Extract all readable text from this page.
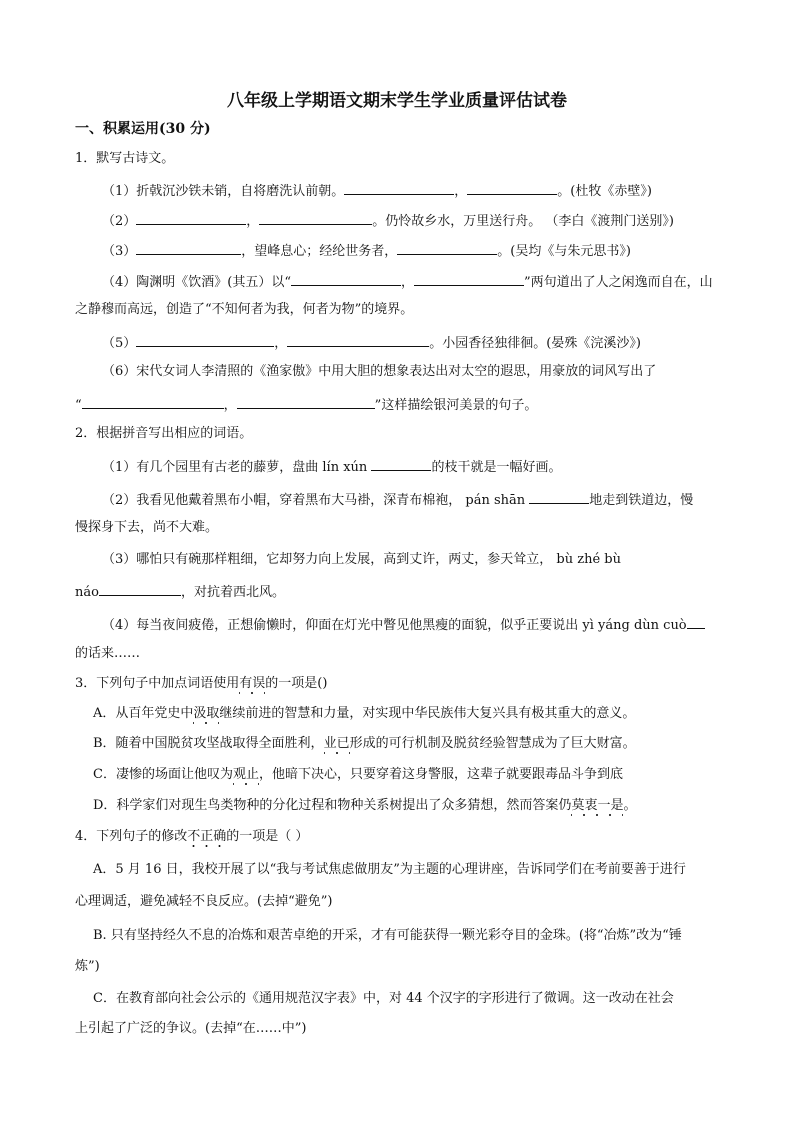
八年级上学期语文期末学生学业质量评估试卷
一、积累运用(30 分)
1．默写古诗文。
（1）折戟沉沙铁未销，自将磨洗认前朝。	，	。(杜牧《赤壁》)
（2）	，	。仍怜故乡水，万里送行舟。 （李白《渡荆门送别》)
（3）	，望峰息心；经纶世务者，	。(吴均《与朱元思书》)
（4）陶渊明《饮酒》(其五）以“	，	”两句道出了人之闲逸而自在，山
之静穆而高远，创造了“不知何者为我，何者为物”的境界。
（5）	，	。小园香径独徘徊。(晏殊《浣溪沙》)
（6）宋代女词人李清照的《渔家傲》中用大胆的想象表达出对太空的遐思，用豪放的词风写出了
“	，	”这样描绘银河美景的句子。
2．根据拼音写出相应的词语。
（1）有几个园里有古老的藤萝，盘曲 lín xún	的枝干就是一幅好画。
（2）我看见他戴着黑布小帽，穿着黑布大马褂，深青布棉袍， pán shān	地走到铁道边，慢
慢探身下去，尚不大难。
（3）哪怕只有碗那样粗细，它却努力向上发展，高到丈许，两丈，参天耸立， bù zhé bù
náo	，对抗着西北风。
（4）每当夜间疲倦，正想偷懒时，仰面在灯光中瞥见他黑瘦的面貌，似乎正要说出 yì yáng dùn cuò
的话来……
3．下列句子中加点词语使用有误的一项是()
A．从百年党史中汲取继续前进的智慧和力量，对实现中华民族伟大复兴具有极其重大的意义。
B．随着中国脱贫攻坚战取得全面胜利，业已形成的可行机制及脱贫经验智慧成为了巨大财富。
C．凄惨的场面让他叹为观止，他暗下决心，只要穿着这身警服，这辈子就要跟毒品斗争到底
D．科学家们对现生鸟类物种的分化过程和物种关系树提出了众多猜想，然而答案仍莫衷一是。
4．下列句子的修改不正确的一项是（ ）
A．5 月 16 日，我校开展了以“我与考试焦虑做朋友”为主题的心理讲座，告诉同学们在考前要善于进行
心理调适，避免减轻不良反应。(去掉“避免”)
B. 只有坚持经久不息的冶炼和艰苦卓绝的开采，才有可能获得一颗光彩夺目的金珠。(将“冶炼”改为“锤
炼”)
C．在教育部向社会公示的《通用规范汉字表》中，对 44 个汉字的字形进行了微调。这一改动在社会
上引起了广泛的争议。(去掉“在……中”)
